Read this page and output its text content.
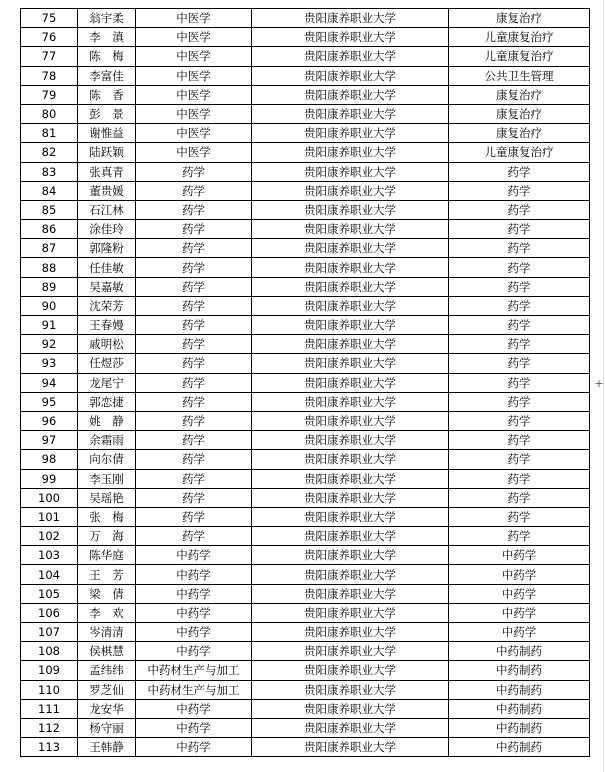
75	翁宇柔	中医学	贵阳康养职业大学	康复治疗
76	李　滇	中医学	贵阳康养职业大学	儿童康复治疗
77	陈　梅	中医学	贵阳康养职业大学	儿童康复治疗
78	李富佳	中医学	贵阳康养职业大学	公共卫生管理
79	陈　香	中医学	贵阳康养职业大学	康复治疗
80	彭　景	中医学	贵阳康养职业大学	康复治疗
81	谢惟益	中医学	贵阳康养职业大学	康复治疗
82	陆跃颖	中医学	贵阳康养职业大学	儿童康复治疗
83	张真青	药学	贵阳康养职业大学	药学
84	董贵媛	药学	贵阳康养职业大学	药学
85	石江林	药学	贵阳康养职业大学	药学
86	涂佳玲	药学	贵阳康养职业大学	药学
87	郭隆粉	药学	贵阳康养职业大学	药学
88	任佳敏	药学	贵阳康养职业大学	药学
89	吴嘉敏	药学	贵阳康养职业大学	药学
90	沈荣芳	药学	贵阳康养职业大学	药学
91	王春嫚	药学	贵阳康养职业大学	药学
92	戚明松	药学	贵阳康养职业大学	药学
93	任煜莎	药学	贵阳康养职业大学	药学
94	龙尾宁	药学	贵阳康养职业大学	药学
95	郭恋捷	药学	贵阳康养职业大学	药学
96	姚　静	药学	贵阳康养职业大学	药学
97	余霜雨	药学	贵阳康养职业大学	药学
98	向尔倩	药学	贵阳康养职业大学	药学
99	李玉刚	药学	贵阳康养职业大学	药学
100	吴瑶艳	药学	贵阳康养职业大学	药学
101	张　梅	药学	贵阳康养职业大学	药学
102	万　海	药学	贵阳康养职业大学	药学
103	陈华庭	中药学	贵阳康养职业大学	中药学
104	王　芳	中药学	贵阳康养职业大学	中药学
105	梁　倩	中药学	贵阳康养职业大学	中药学
106	李　欢	中药学	贵阳康养职业大学	中药学
107	岑清清	中药学	贵阳康养职业大学	中药学
108	侯棋慧	中药学	贵阳康养职业大学	中药制药
109	孟纬纬	中药材生产与加工	贵阳康养职业大学	中药制药
110	罗芝仙	中药材生产与加工	贵阳康养职业大学	中药制药
111	龙安华	中药学	贵阳康养职业大学	中药制药
112	杨守丽	中药学	贵阳康养职业大学	中药制药
113	王韩静	中药学	贵阳康养职业大学	中药制药
+
